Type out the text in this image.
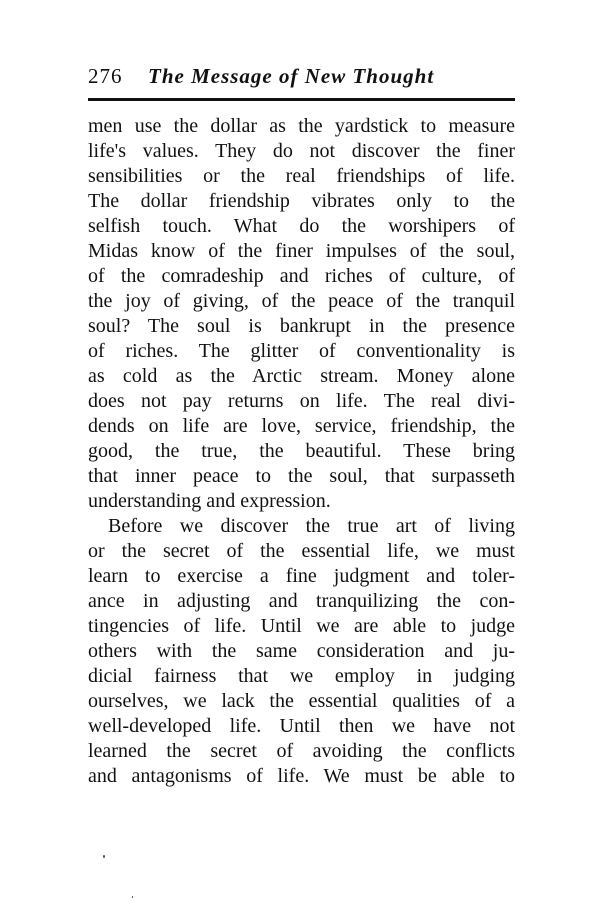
276 The Message of New Thought
men use the dollar as the yardstick to measure
life's values. They do not discover the finer
sensibilities or the real friendships of life.
The dollar friendship vibrates only to the
selfish touch. What do the worshipers of
Midas know of the finer impulses of the soul,
of the comradeship and riches of culture, of
the joy of giving, of the peace of the tranquil
soul? The soul is bankrupt in the presence
of riches. The glitter of conventionality is
as cold as the Arctic stream. Money alone
does not pay returns on life. The real divi-
dends on life are love, service, friendship, the
good, the true, the beautiful. These bring
that inner peace to the soul, that surpasseth
understanding and expression.
Before we discover the true art of living
or the secret of the essential life, we must
learn to exercise a fine judgment and toler-
ance in adjusting and tranquilizing the con-
tingencies of life. Until we are able to judge
others with the same consideration and ju-
dicial fairness that we employ in judging
ourselves, we lack the essential qualities of a
well-developed life. Until then we have not
learned the secret of avoiding the conflicts
and antagonisms of life. We must be able to
